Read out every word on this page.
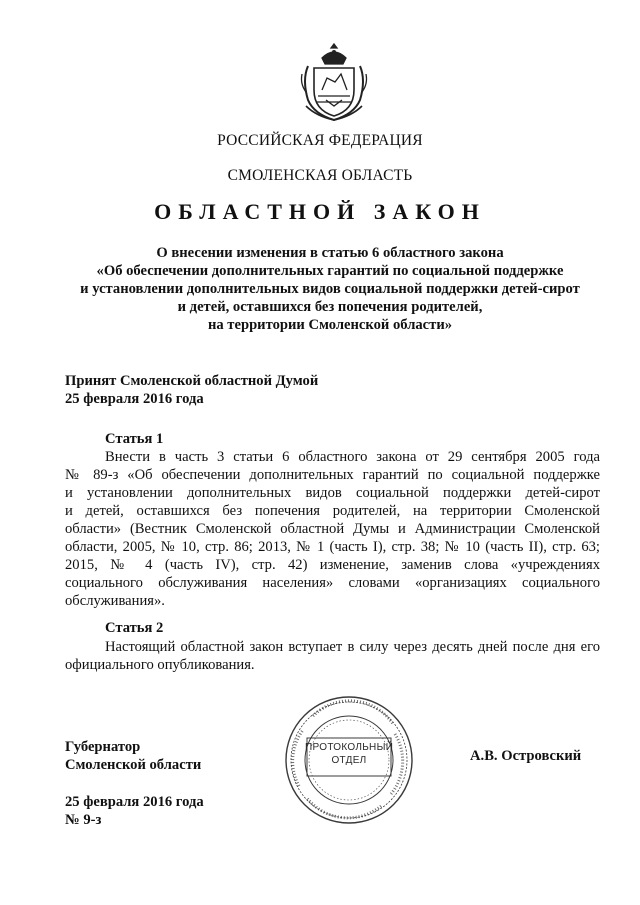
РОССИЙСКАЯ ФЕДЕРАЦИЯ
СМОЛЕНСКАЯ ОБЛАСТЬ
ОБЛАСТНОЙ ЗАКОН
О внесении изменения в статью 6 областного закона
«Об обеспечении дополнительных гарантий по социальной поддержке
и установлении дополнительных видов социальной поддержки детей-сирот
и детей, оставшихся без попечения родителей,
на территории Смоленской области»
Принят Смоленской областной Думой
25 февраля 2016 года
Статья 1
Внести в часть 3 статьи 6 областного закона от 29 сентября 2005 года
№ 89-з «Об обеспечении дополнительных гарантий по социальной поддержке
и установлении дополнительных видов социальной поддержки детей-сирот
и детей, оставшихся без попечения родителей, на территории Смоленской
области» (Вестник Смоленской областной Думы и Администрации Смоленской
области, 2005, № 10, стр. 86; 2013, № 1 (часть I), стр. 38; № 10 (часть II), стр. 63;
2015, № 4 (часть IV), стр. 42) изменение, заменив слова «учреждениях
социального обслуживания населения» словами «организациях социального
обслуживания».
Статья 2
Настоящий областной закон вступает в силу через десять дней после дня его
официального опубликования.
Губернатор
Смоленской области
ПРОТОКОЛЬНЫЙ
ОТДЕЛ	А.В. Островский
25 февраля 2016 года
№ 9-з
